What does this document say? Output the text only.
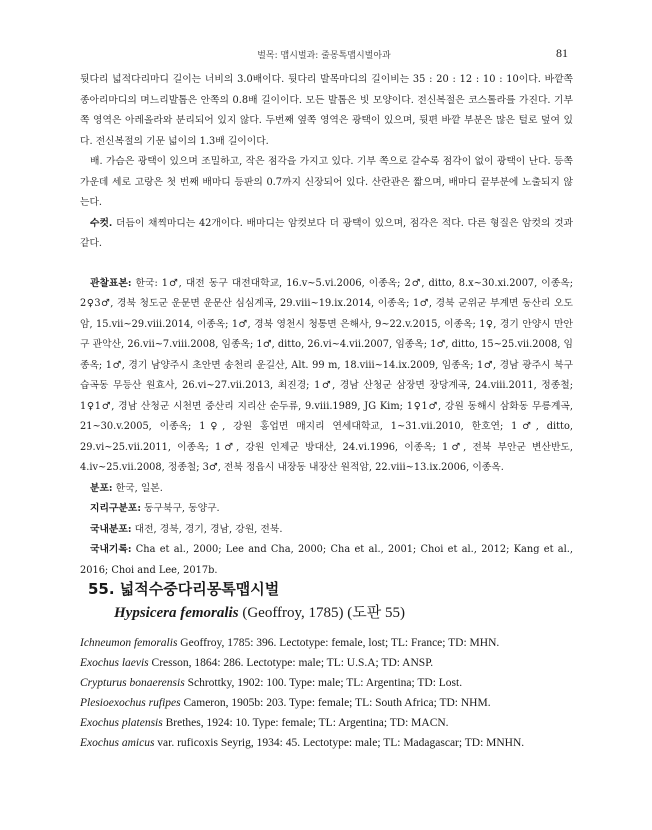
벌목: 맵시벌과: 줄몽톡맵시벌아과	81

뒷다리 넓적다리마디 길이는 너비의 3.0배이다. 뒷다리 발목마디의 길이비는 35 : 20 : 12 : 10 : 10이다. 바깥쪽 종아리마디의 며느리발톱은 안쪽의 0.8배 길이이다. 모든 발톱은 빗 모양이다. 전신복절은 코스톨라를 가진다. 기부쪽 영역은 아레올라와 분리되어 있지 않다. 두번째 옆쪽 영역은 광택이 있으며, 뒷편 바깥 부분은 많은 털로 덮여 있다. 전신복절의 기문 넓이의 1.3배 길이이다.

배. 가슴은 광택이 있으며 조밀하고, 작은 점각을 가지고 있다. 기부 쪽으로 갈수록 점각이 없이 광택이 난다. 등쪽 가운데 세로 고랑은 첫 번째 배마디 등판의 0.7까지 신장되어 있다. 산란관은 짧으며, 배마디 끝부분에 노출되지 않는다.

수컷. 더듬이 채찍마디는 42개이다. 배마디는 암컷보다 더 광택이 있으며, 점각은 적다. 다른 형질은 암컷의 것과 같다.

관찰표본: 한국: 1♂, 대전 동구 대전대학교, 16.v~5.vi.2006, 이종옥; 2♂, ditto, 8.x~30.xi.2007, 이종옥; 2♀3♂, 경북 청도군 운문면 운문산 심심계곡, 29.viii~19.ix.2014, 이종옥; 1♂, 경북 군위군 부계면 동산리 오도암, 15.vii~29.viii.2014, 이종옥; 1♂, 경북 영천시 청통면 은해사, 9~22.v.2015, 이종옥; 1♀, 경기 안양시 만안구 관악산, 26.vii~7.viii.2008, 임종옥; 1♂, ditto, 26.vi~4.vii.2007, 임종옥; 1♂, ditto, 15~25.vii.2008, 임종옥; 1♂, 경기 남양주시 초안면 송천리 운길산, Alt. 99 m, 18.viii~14.ix.2009, 임종옥; 1♂, 경남 광주시 북구 습곡동 무등산 원효사, 26.vi~27.vii.2013, 최진경; 1♂, 경남 산청군 삼장면 장당계곡, 24.viii.2011, 정종철; 1♀1♂, 경남 산청군 시천면 중산리 지리산 순두류, 9.viii.1989, JG Kim; 1♀1♂, 강원 동해시 삼화동 무릉계곡, 21~30.v.2005, 이종옥; 1♀, 강원 홍업면 매지리 연세대학교, 1~31.vii.2010, 한호연; 1♂, ditto, 29.vi~25.vii.2011, 이종옥; 1♂, 강원 인제군 방대산, 24.vi.1996, 이종옥; 1♂, 전북 부안군 변산반도, 4.iv~25.vii.2008, 정종철; 3♂, 전북 정읍시 내장동 내장산 원적암, 22.viii~13.ix.2006, 이종옥.

분포: 한국, 일본.

지리구분포: 동구북구, 동양구.

국내분포: 대전, 경북, 경기, 경남, 강원, 전북.

국내기록: Cha et al., 2000; Lee and Cha, 2000; Cha et al., 2001; Choi et al., 2012; Kang et al., 2016; Choi and Lee, 2017b.

55. 넓적수중다리몽톡맵시벌
Hypsicera femoralis (Geoffroy, 1785) (도판 55)
Ichneumon femoralis Geoffroy, 1785: 396. Lectotype: female, lost; TL: France; TD: MHN.
Exochus laevis Cresson, 1864: 286. Lectotype: male; TL: U.S.A; TD: ANSP.
Crypturus bonaerensis Schrottky, 1902: 100. Type: male; TL: Argentina; TD: Lost.
Plesioexochus rufipes Cameron, 1905b: 203. Type: female; TL: South Africa; TD: NHM.
Exochus platensis Brethes, 1924: 10. Type: female; TL: Argentina; TD: MACN.
Exochus amicus var. ruficoxis Seyrig, 1934: 45. Lectotype: male; TL: Madagascar; TD: MNHN.
